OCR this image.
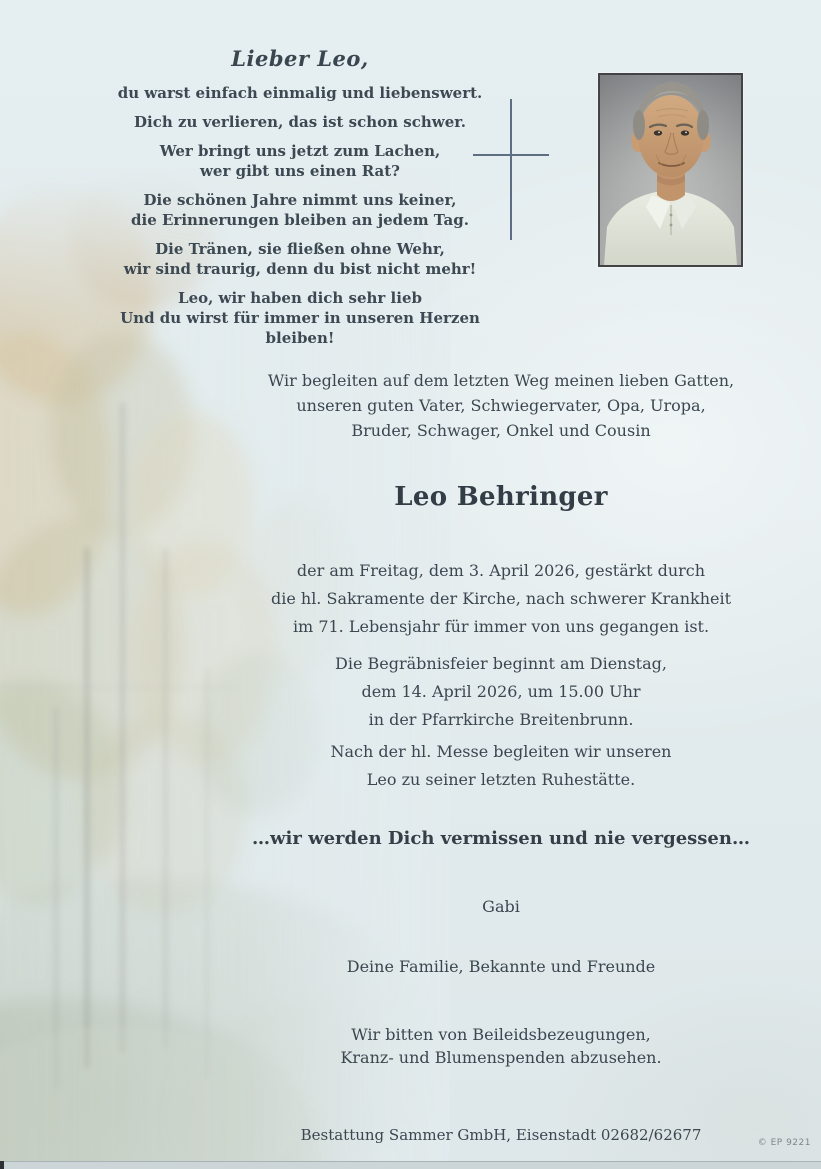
Lieber Leo,

du warst einfach einmalig und liebenswert.

Dich zu verlieren, das ist schon schwer.

Wer bringt uns jetzt zum Lachen,
wer gibt uns einen Rat?

Die schönen Jahre nimmt uns keiner,
die Erinnerungen bleiben an jedem Tag.

Die Tränen, sie fließen ohne Wehr,
wir sind traurig, denn du bist nicht mehr!

Leo, wir haben dich sehr lieb
Und du wirst für immer in unseren Herzen bleiben!

Wir begleiten auf dem letzten Weg meinen lieben Gatten,
unseren guten Vater, Schwiegervater, Opa, Uropa,
Bruder, Schwager, Onkel und Cousin
Leo Behringer
der am Freitag, dem 3. April 2026, gestärkt durch
die hl. Sakramente der Kirche, nach schwerer Krankheit
im 71. Lebensjahr für immer von uns gegangen ist.
Die Begräbnisfeier beginnt am Dienstag,
dem 14. April 2026, um 15.00 Uhr
in der Pfarrkirche Breitenbrunn.
Nach der hl. Messe begleiten wir unseren
Leo zu seiner letzten Ruhestätte.
…wir werden Dich vermissen und nie vergessen…
Gabi
Deine Familie, Bekannte und Freunde
Wir bitten von Beileidsbezeugungen,
Kranz- und Blumenspenden abzusehen.
Bestattung Sammer GmbH, Eisenstadt 02682/62677	© EP 9221
